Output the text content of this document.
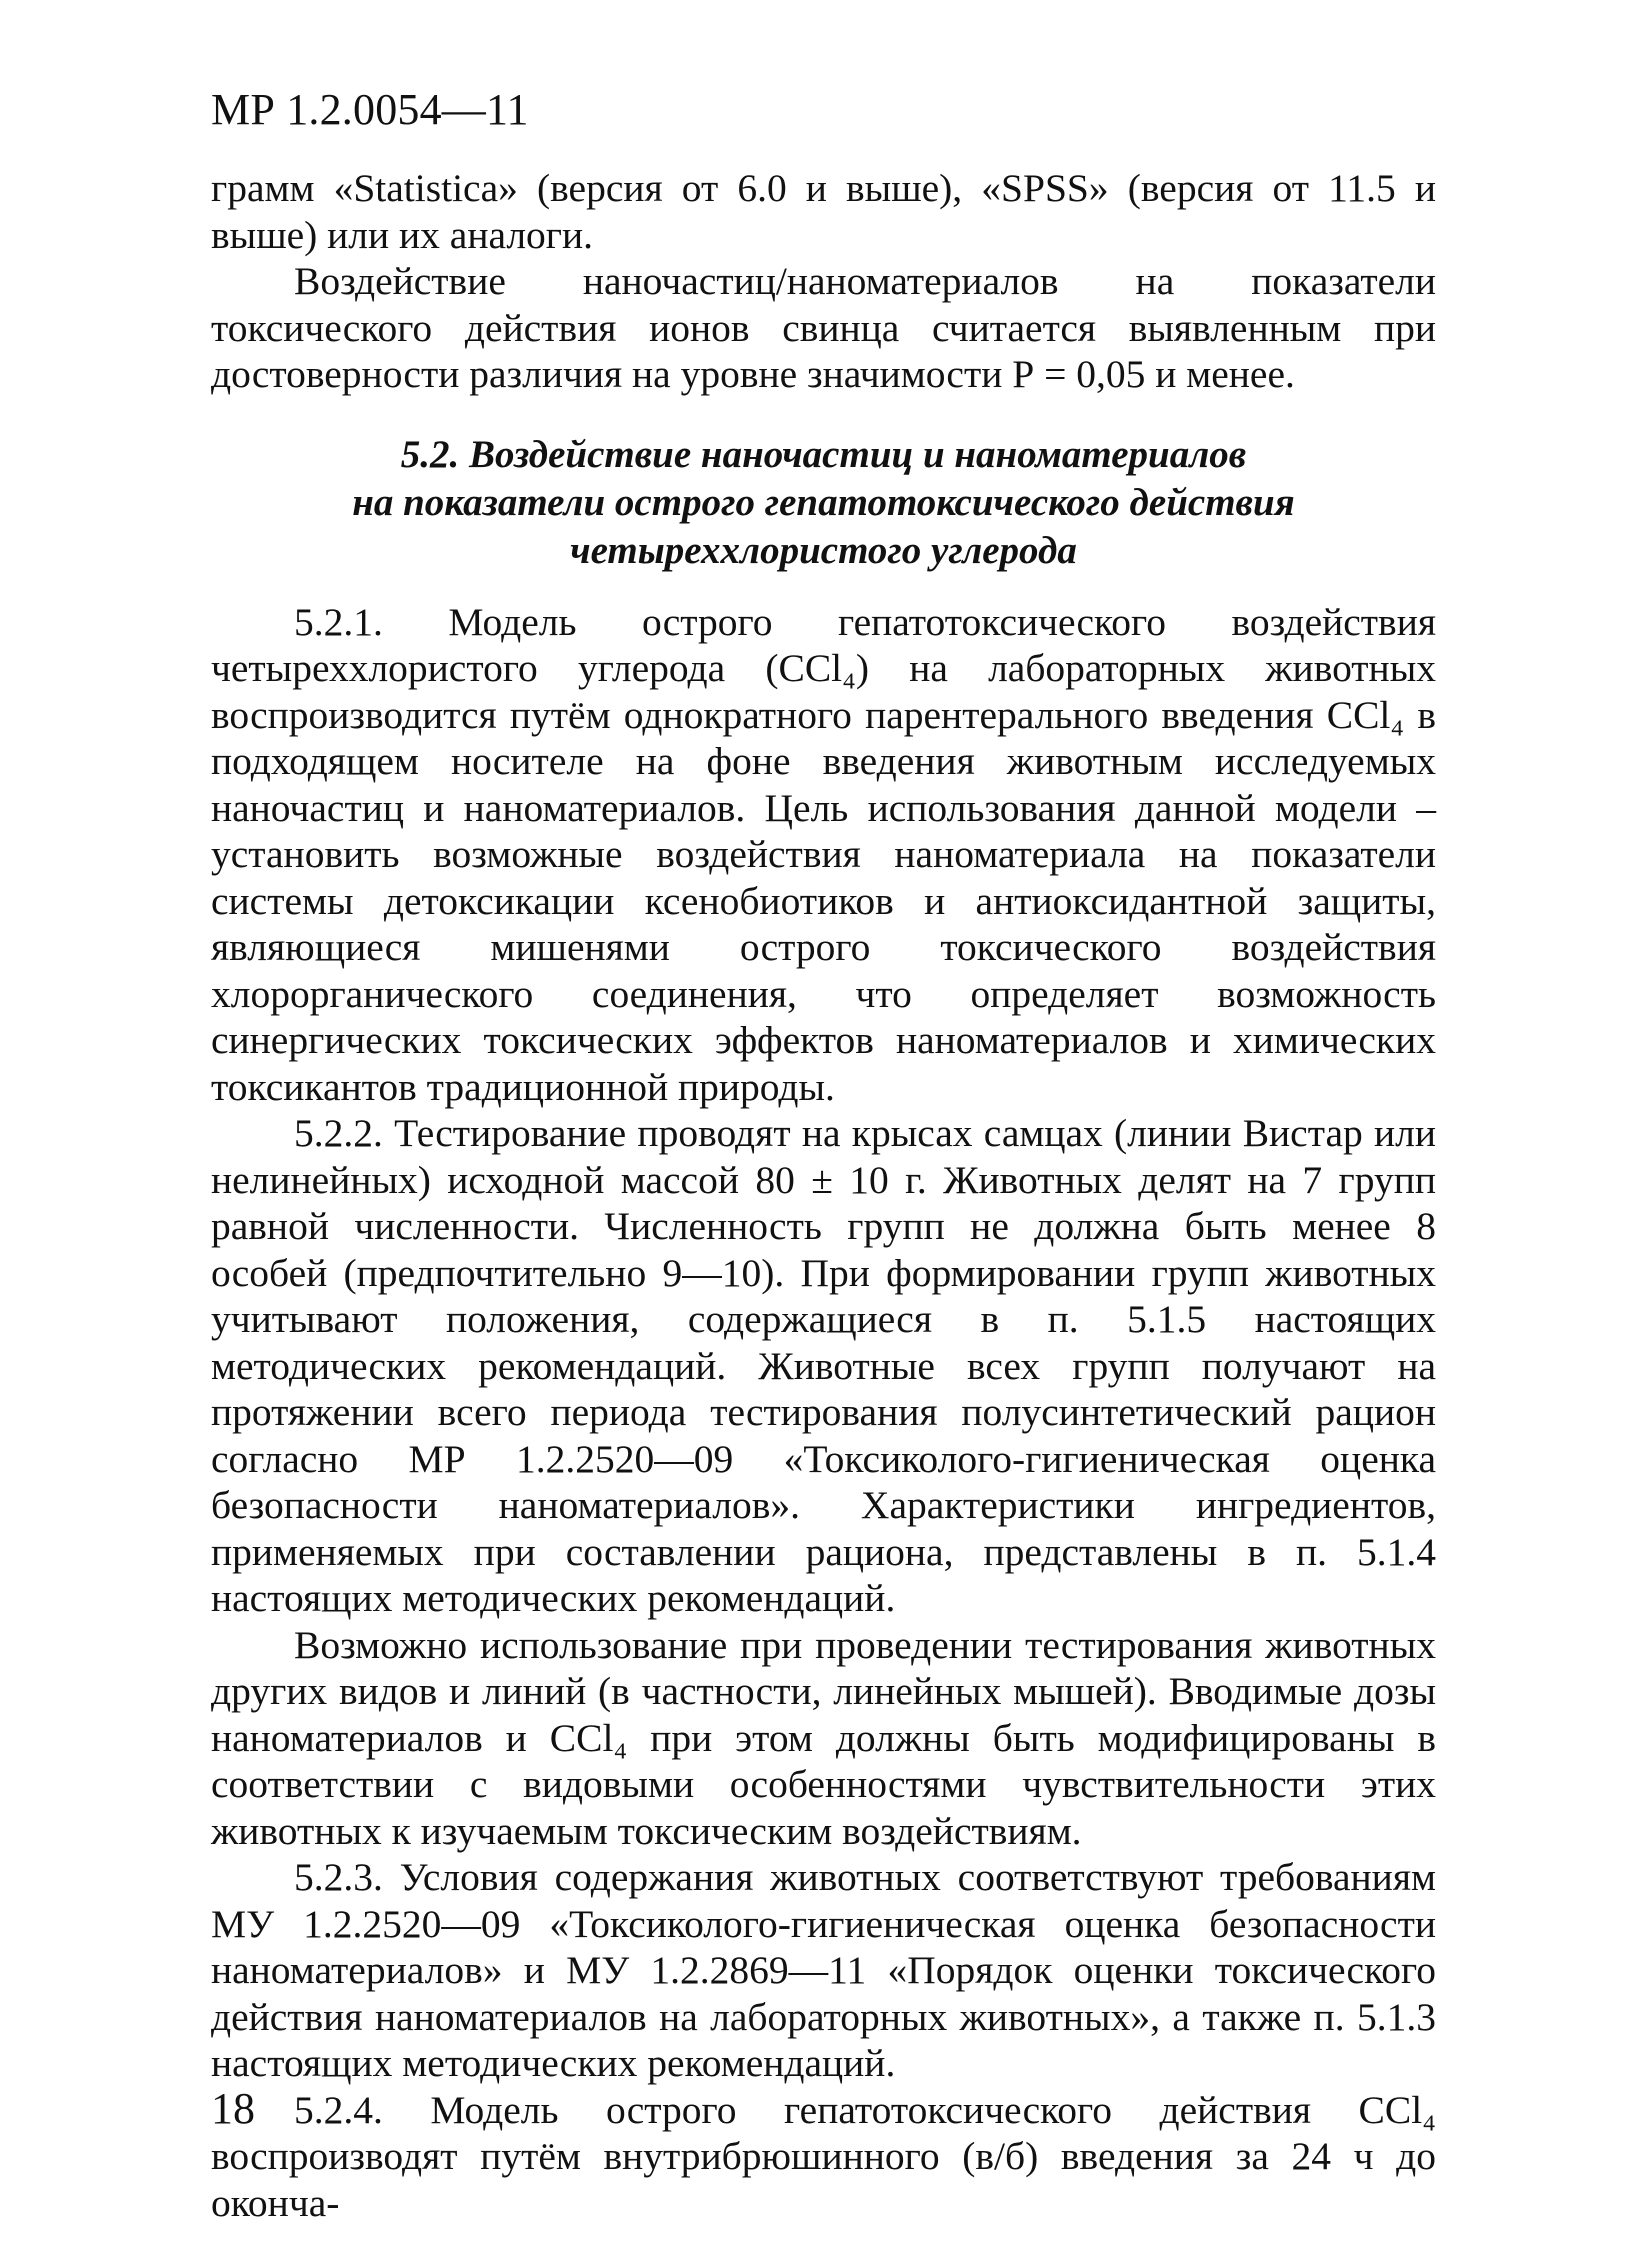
МР 1.2.0054—11

грамм «Statistica» (версия от 6.0 и выше), «SPSS» (версия от 11.5 и выше) или их аналоги.

Воздействие наночастиц/наноматериалов на показатели токсического действия ионов свинца считается выявленным при достоверности различия на уровне значимости Р = 0,05 и менее.

5.2. Воздействие наночастиц и наноматериалов
на показатели острого гепатотоксического действия
четыреххлористого углерода

5.2.1. Модель острого гепатотоксического воздействия четыреххлористого углерода (CCl₄) на лабораторных животных воспроизводится путём однократного парентерального введения CCl₄ в подходящем носителе на фоне введения животным исследуемых наночастиц и наноматериалов. Цель использования данной модели – установить возможные воздействия наноматериала на показатели системы детоксикации ксенобиотиков и антиоксидантной защиты, являющиеся мишенями острого токсического воздействия хлорорганического соединения, что определяет возможность синергических токсических эффектов наноматериалов и химических токсикантов традиционной природы.

5.2.2. Тестирование проводят на крысах самцах (линии Вистар или нелинейных) исходной массой 80 ± 10 г. Животных делят на 7 групп равной численности. Численность групп не должна быть менее 8 особей (предпочтительно 9—10). При формировании групп животных учитывают положения, содержащиеся в п. 5.1.5 настоящих методических рекомендаций. Животные всех групп получают на протяжении всего периода тестирования полусинтетический рацион согласно МР 1.2.2520—09 «Токсиколого-гигиеническая оценка безопасности наноматериалов». Характеристики ингредиентов, применяемых при составлении рациона, представлены в п. 5.1.4 настоящих методических рекомендаций.

Возможно использование при проведении тестирования животных других видов и линий (в частности, линейных мышей). Вводимые дозы наноматериалов и CCl₄ при этом должны быть модифицированы в соответствии с видовыми особенностями чувствительности этих животных к изучаемым токсическим воздействиям.

5.2.3. Условия содержания животных соответствуют требованиям МУ 1.2.2520—09 «Токсиколого-гигиеническая оценка безопасности наноматериалов» и МУ 1.2.2869—11 «Порядок оценки токсического действия наноматериалов на лабораторных животных», а также п. 5.1.3 настоящих методических рекомендаций.

5.2.4. Модель острого гепатотоксического действия CCl₄ воспроизводят путём внутрибрюшинного (в/б) введения за 24 ч до оконча-

18
